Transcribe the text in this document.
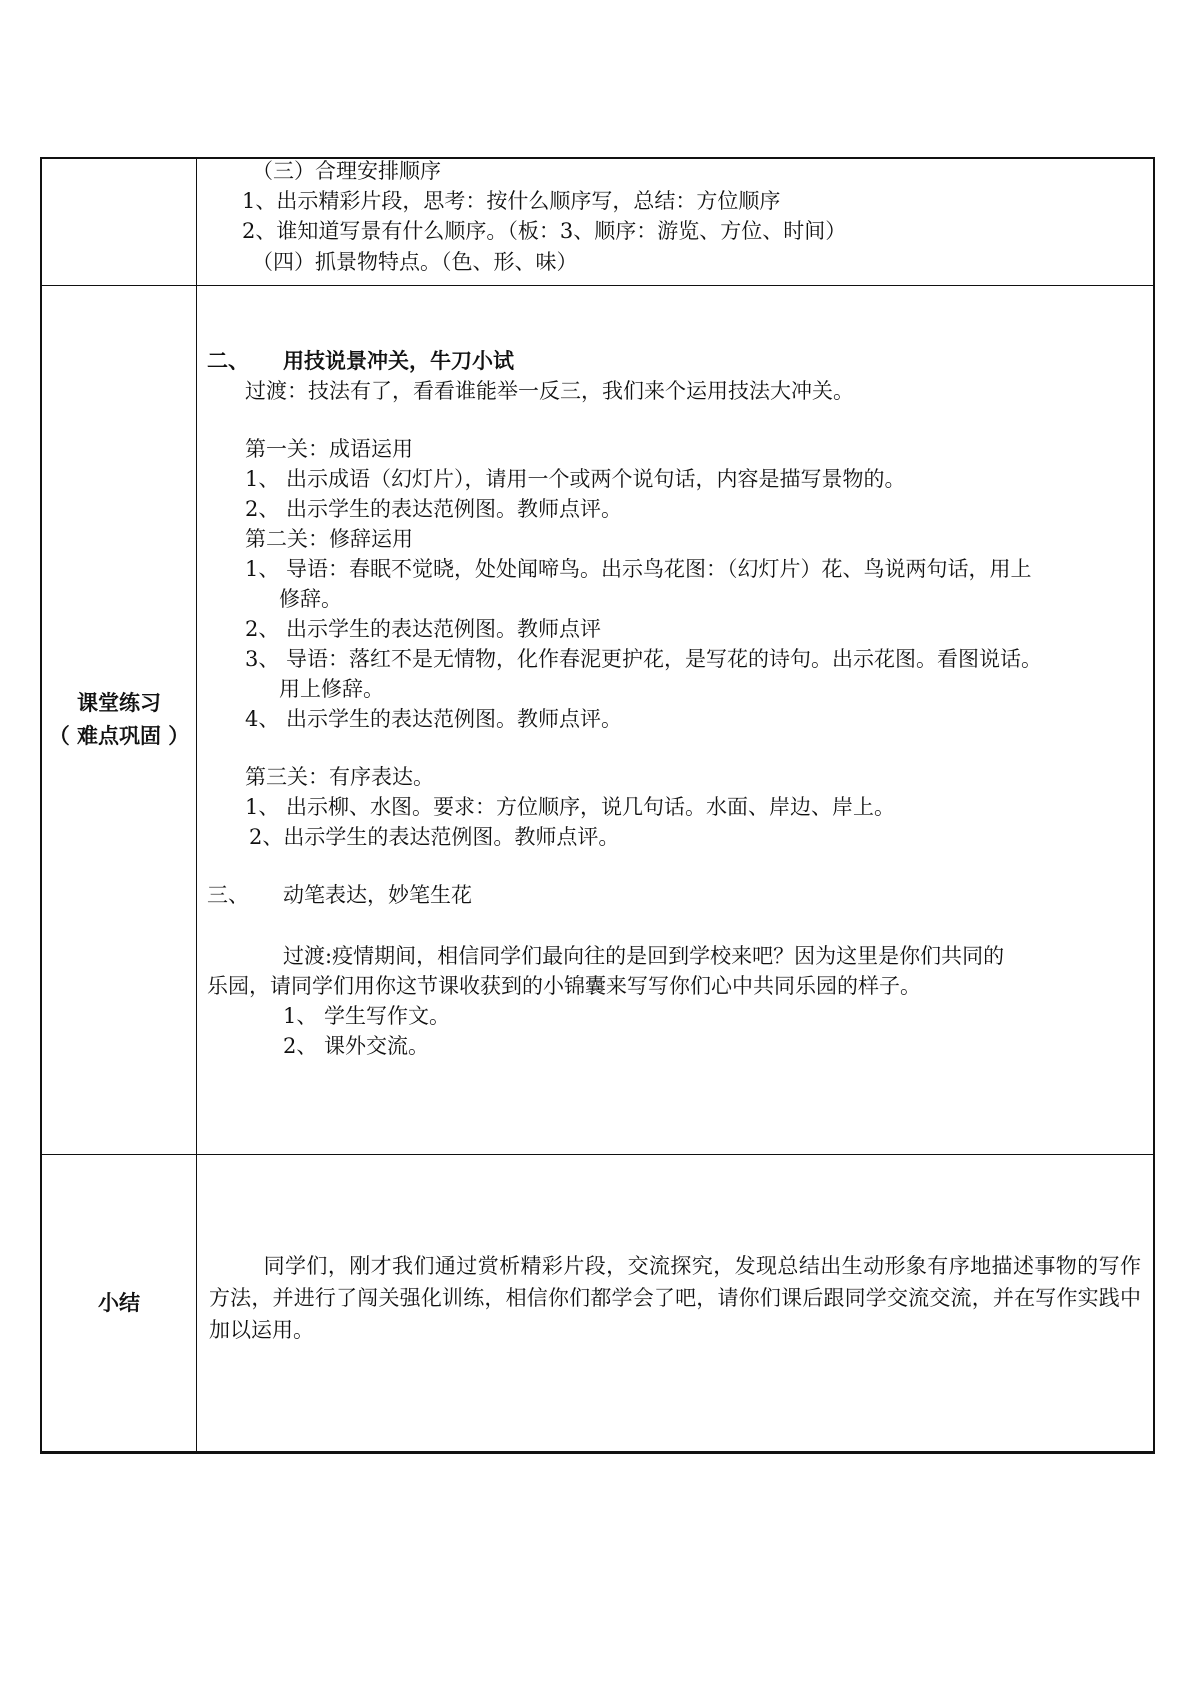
（三）合理安排顺序
1、出示精彩片段，思考：按什么顺序写，总结：方位顺序
2、谁知道写景有什么顺序。（板：3、顺序：游览、方位、时间）
（四）抓景物特点。（色、形、味）
课堂练习
（ 难点巩固 ）
二、 用技说景冲关，牛刀小试
过渡：技法有了，看看谁能举一反三，我们来个运用技法大冲关。
第一关：成语运用
1、 出示成语（幻灯片），请用一个或两个说句话，内容是描写景物的。
2、 出示学生的表达范例图。教师点评。
第二关：修辞运用
1、 导语：春眠不觉晓，处处闻啼鸟。出示鸟花图：（幻灯片）花、鸟说两句话，用上
修辞。
2、 出示学生的表达范例图。教师点评
3、 导语：落红不是无情物，化作春泥更护花，是写花的诗句。出示花图。看图说话。
用上修辞。
4、 出示学生的表达范例图。教师点评。
第三关：有序表达。
1、 出示柳、水图。要求：方位顺序，说几句话。水面、岸边、岸上。
2、出示学生的表达范例图。教师点评。
三、 动笔表达，妙笔生花
过渡:疫情期间，相信同学们最向往的是回到学校来吧？因为这里是你们共同的
乐园，请同学们用你这节课收获到的小锦囊来写写你们心中共同乐园的样子。
1、 学生写作文。
2、 课外交流。
小结
同学们，刚才我们通过赏析精彩片段，交流探究，发现总结出生动形象有序地描述事物的写作方法，并进行了闯关强化训练，相信你们都学会了吧，请你们课后跟同学交流交流，并在写作实践中加以运用。
